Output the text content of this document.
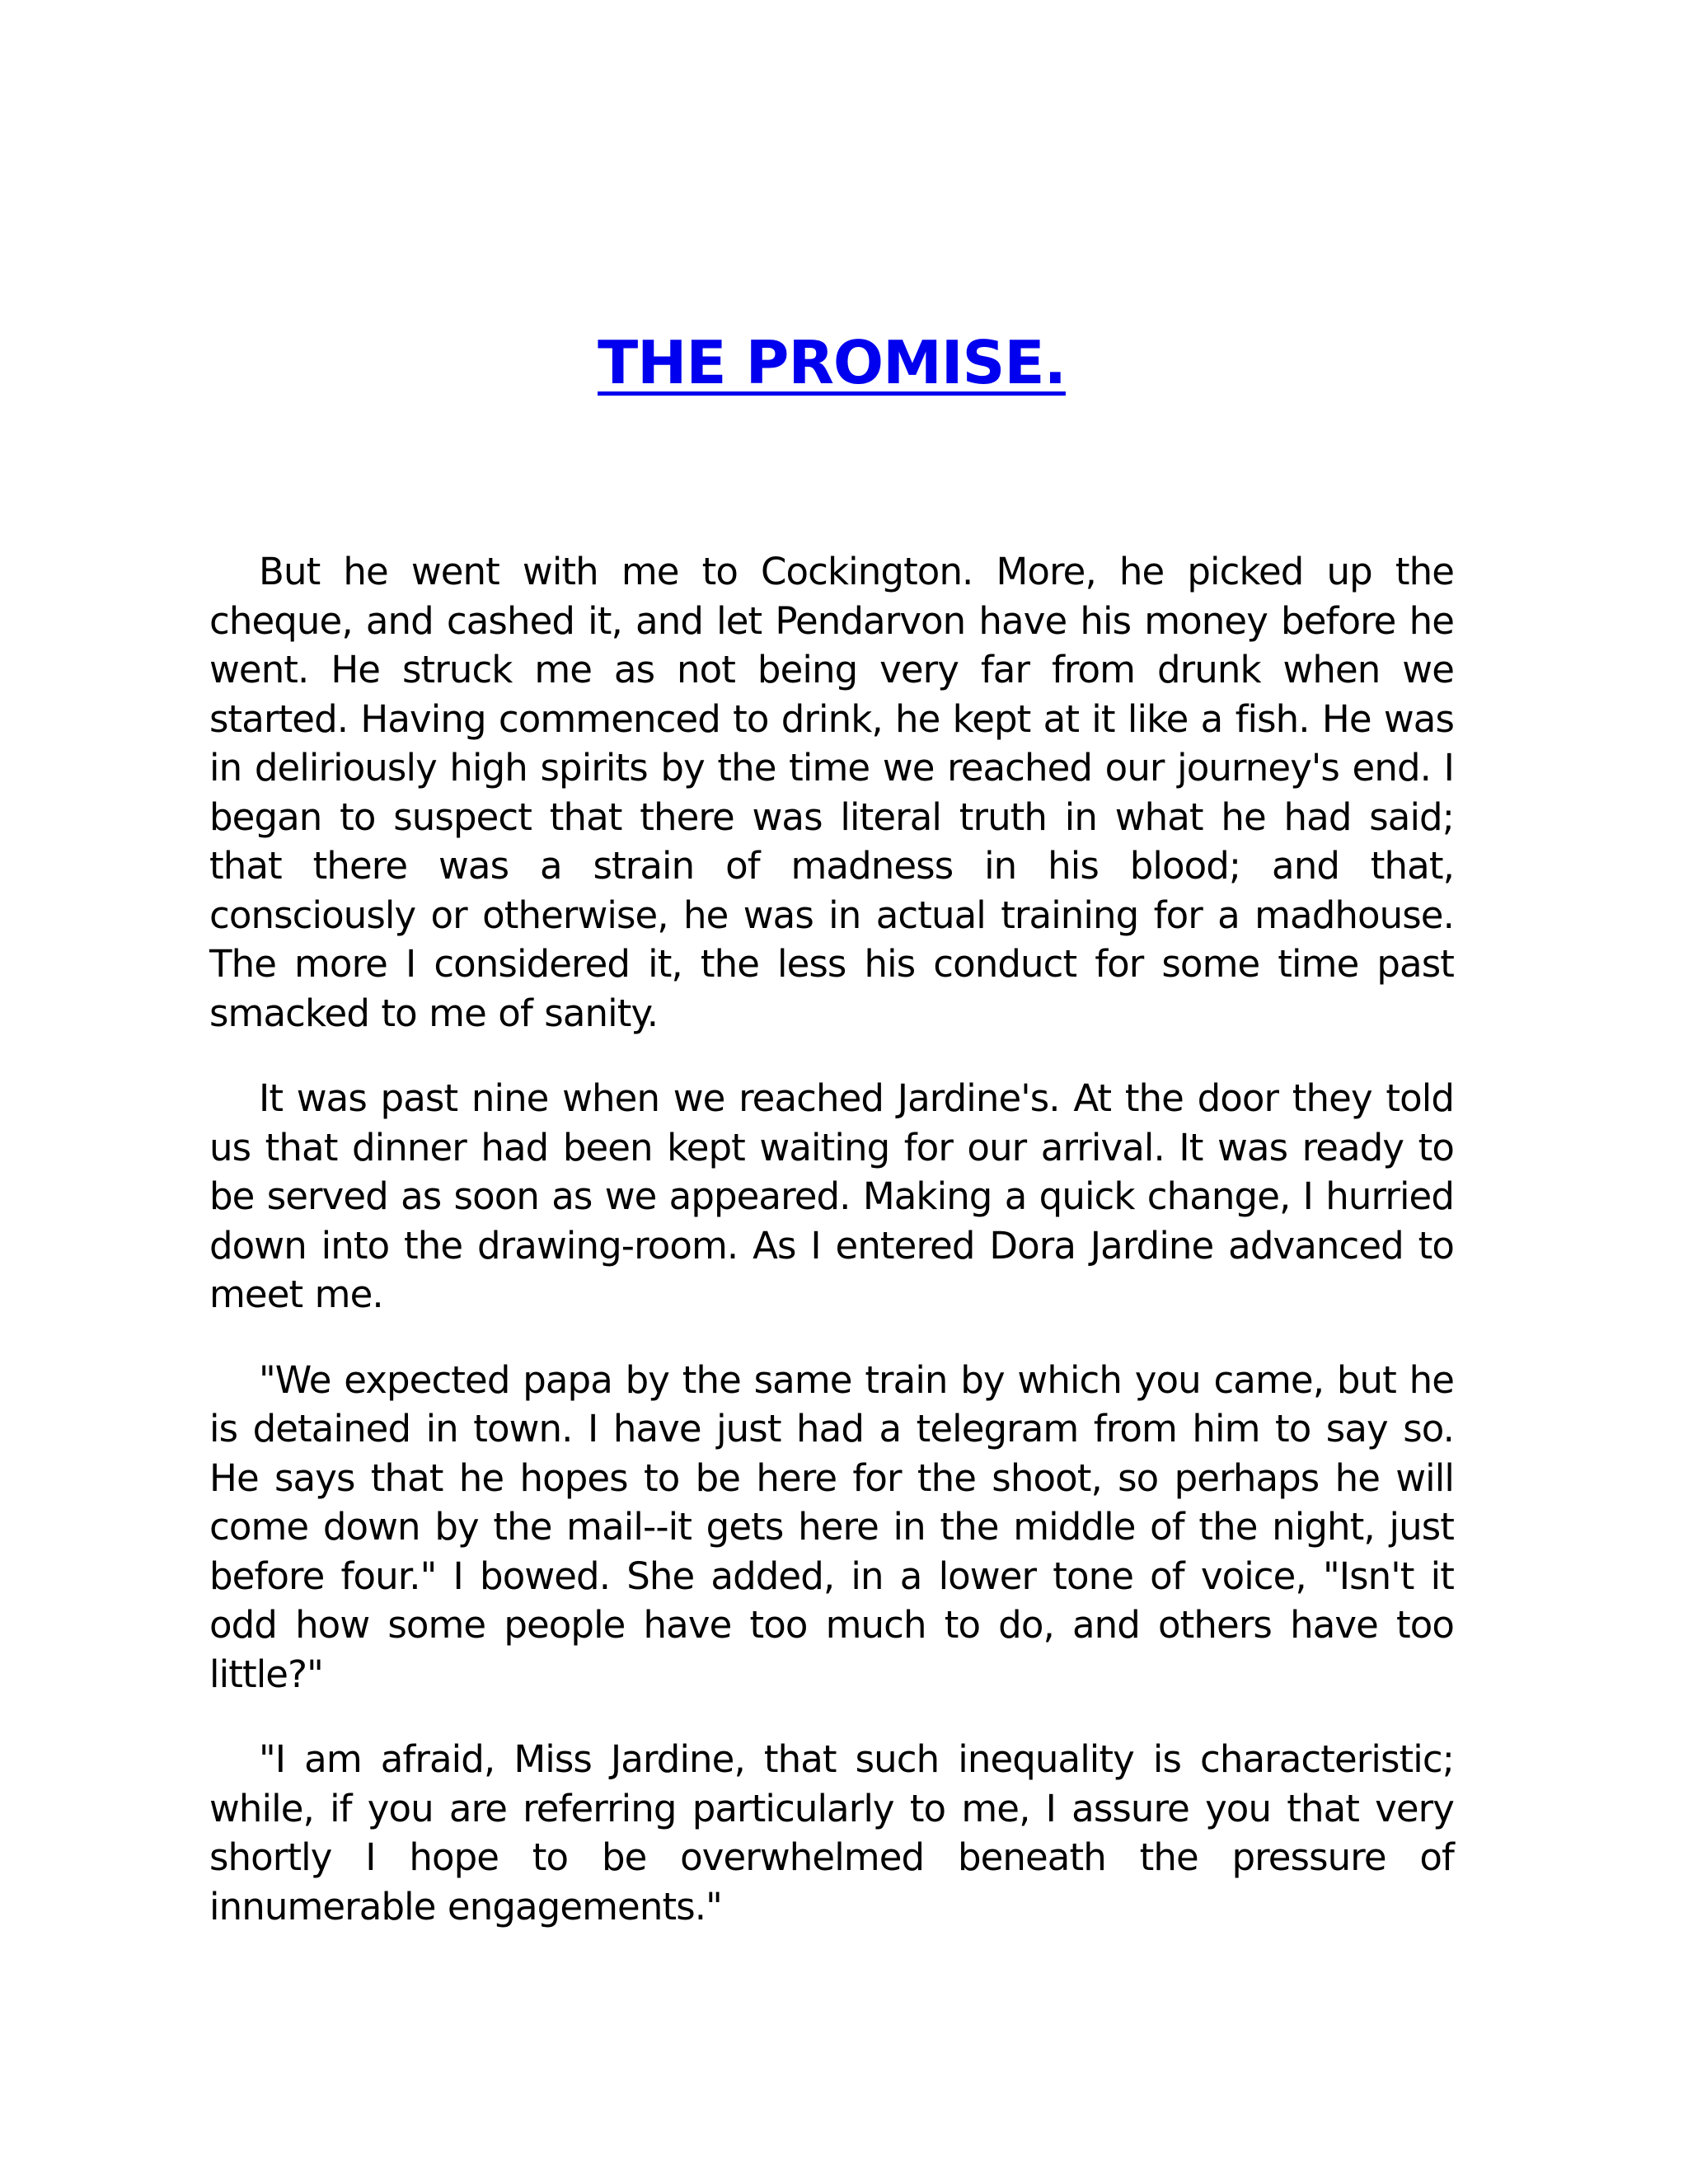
THE PROMISE.

But he went with me to Cockington. More, he picked up the cheque, and cashed it, and let Pendarvon have his money before he went. He struck me as not being very far from drunk when we started. Having commenced to drink, he kept at it like a fish. He was in deliriously high spirits by the time we reached our journey's end. I began to suspect that there was literal truth in what he had said; that there was a strain of madness in his blood; and that, consciously or otherwise, he was in actual training for a madhouse. The more I considered it, the less his conduct for some time past smacked to me of sanity.

It was past nine when we reached Jardine's. At the door they told us that dinner had been kept waiting for our arrival. It was ready to be served as soon as we appeared. Making a quick change, I hurried down into the drawing-room. As I entered Dora Jardine advanced to meet me.

"We expected papa by the same train by which you came, but he is detained in town. I have just had a telegram from him to say so. He says that he hopes to be here for the shoot, so perhaps he will come down by the mail--it gets here in the middle of the night, just before four." I bowed. She added, in a lower tone of voice, "Isn't it odd how some people have too much to do, and others have too little?"

"I am afraid, Miss Jardine, that such inequality is characteristic; while, if you are referring particularly to me, I assure you that very shortly I hope to be overwhelmed beneath the pressure of innumerable engagements."
